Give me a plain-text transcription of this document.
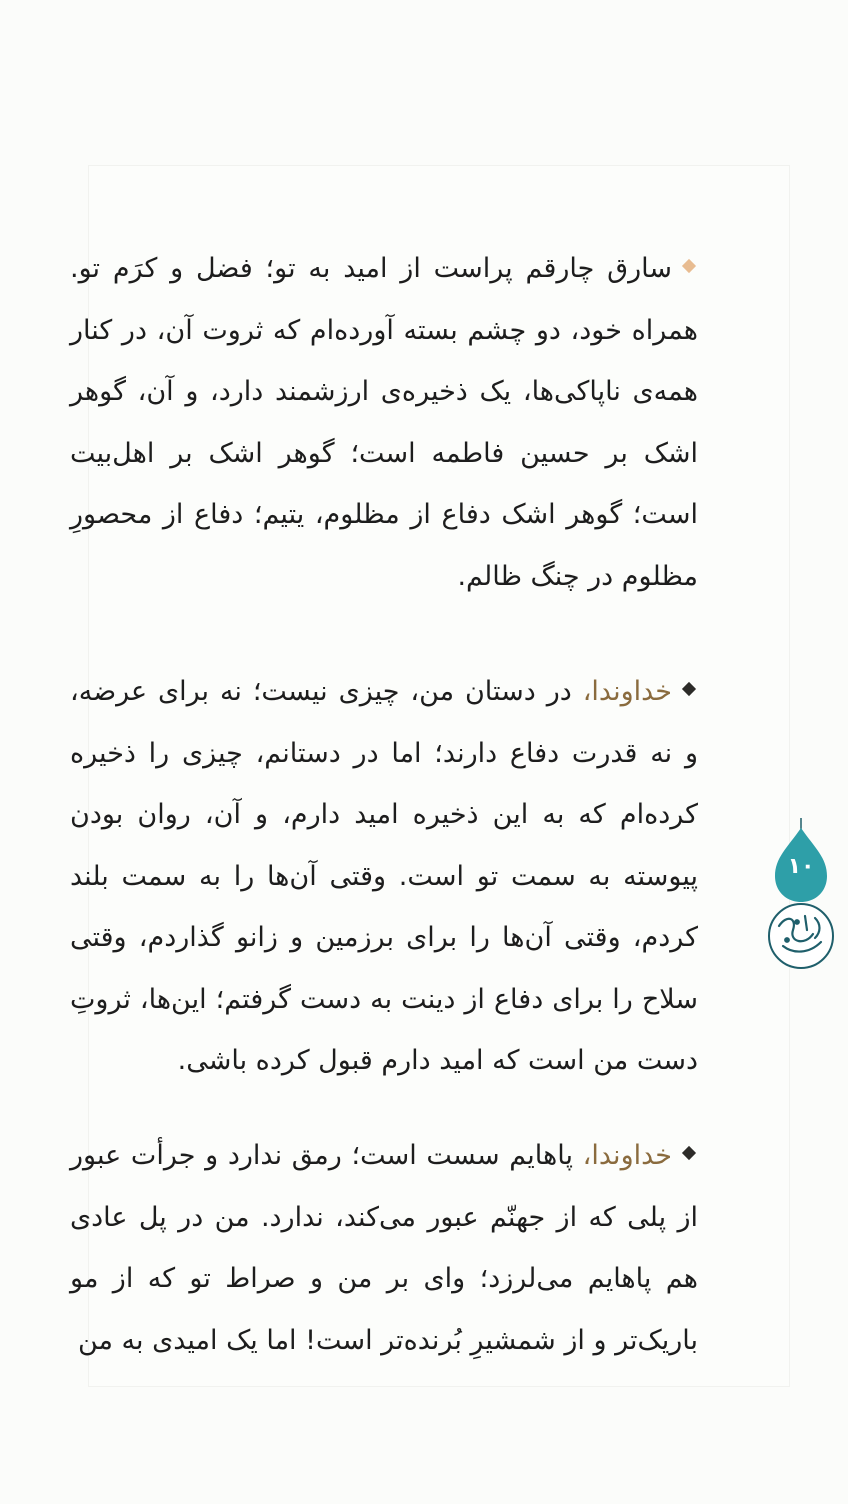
سارق چارقم پراست از امید به تو؛ فضل و کرَم تو. همراه خود، دو چشم بسته آورده‌ام که ثروت آن، در کنار همه‌ی ناپاکی‌ها، یک ذخیره‌ی ارزشمند دارد، و آن، گوهر اشک بر حسین فاطمه است؛ گوهر اشک بر اهل‌بیت است؛ گوهر اشک دفاع از مظلوم، یتیم؛ دفاع از محصورِ مظلوم در چنگ ظالم.

خداوندا، در دستان من، چیزی نیست؛ نه برای عرضه، و نه قدرت دفاع دارند؛ اما در دستانم، چیزی را ذخیره کرده‌ام که به این ذخیره امید دارم، و آن، روان بودن پیوسته به سمت تو است. وقتی آن‌ها را به سمت بلند کردم، وقتی آن‌ها را برای برزمین و زانو گذاردم، وقتی سلاح را برای دفاع از دینت به دست گرفتم؛ این‌ها، ثروتِ دست من است که امید دارم قبول کرده باشی.

خداوندا، پاهایم سست است؛ رمق ندارد و جرأت عبور از پلی که از جهنّم عبور می‌کند، ندارد. من در پل عادی هم پاهایم می‌لرزد؛ وای بر من و صراط تو که از مو باریک‌تر و از شمشیرِ بُرنده‌تر است! اما یک امیدی به من

۱۰
